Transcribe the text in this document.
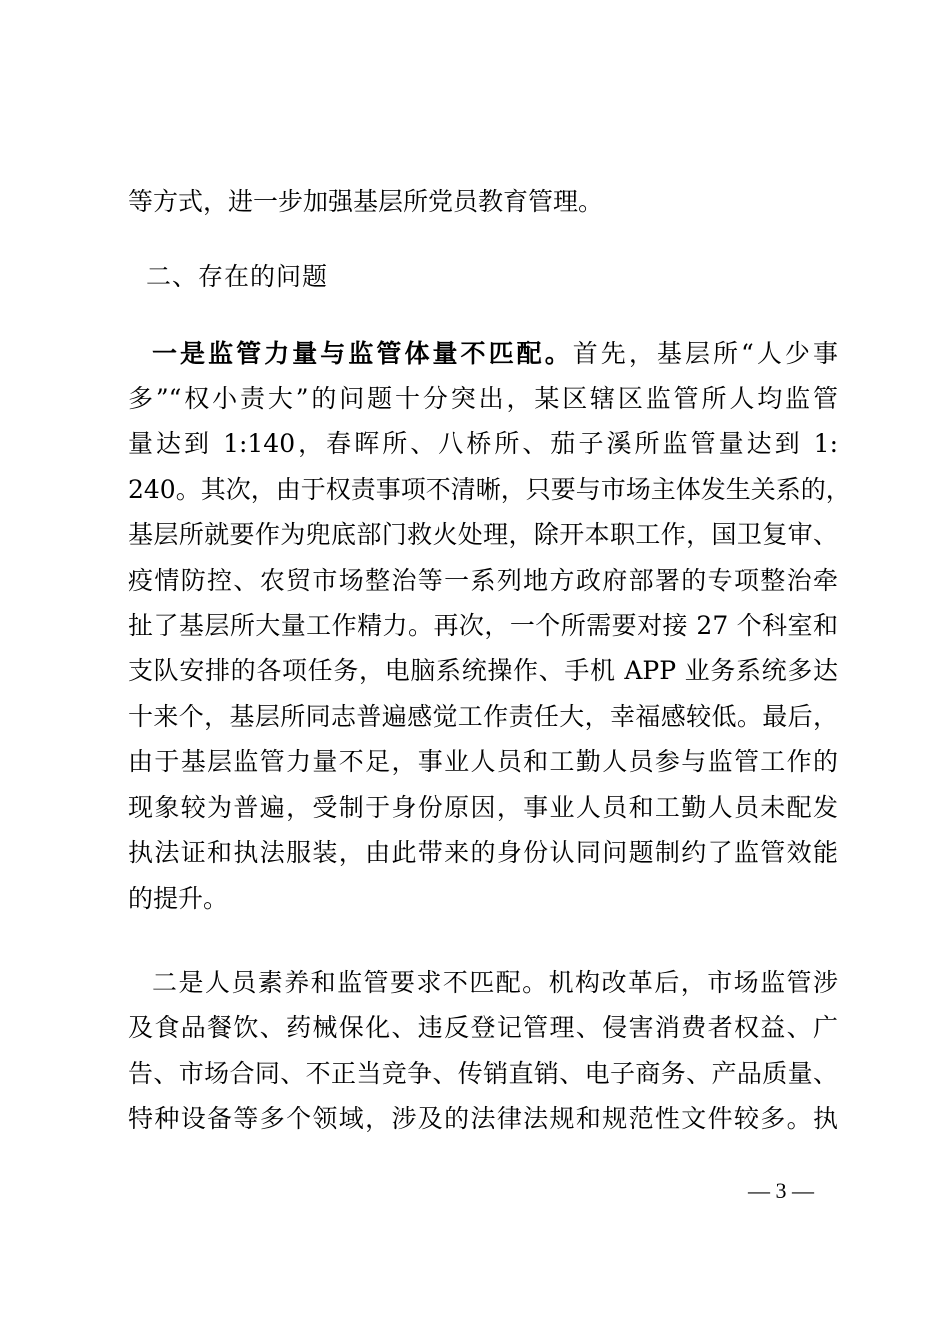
等方式，进一步加强基层所党员教育管理。
二、存在的问题
一是监管力量与监管体量不匹配。首先，基层所“人少事
多”“权小责大”的问题十分突出，某区辖区监管所人均监管
量达到 1:140，春晖所、八桥所、茄子溪所监管量达到 1:
240。其次，由于权责事项不清晰，只要与市场主体发生关系的，
基层所就要作为兜底部门救火处理，除开本职工作，国卫复审、
疫情防控、农贸市场整治等一系列地方政府部署的专项整治牵
扯了基层所大量工作精力。再次，一个所需要对接 27 个科室和
支队安排的各项任务，电脑系统操作、手机 APP 业务系统多达
十来个，基层所同志普遍感觉工作责任大，幸福感较低。最后，
由于基层监管力量不足，事业人员和工勤人员参与监管工作的
现象较为普遍，受制于身份原因，事业人员和工勤人员未配发
执法证和执法服装，由此带来的身份认同问题制约了监管效能
的提升。
二是人员素养和监管要求不匹配。机构改革后，市场监管涉
及食品餐饮、药械保化、违反登记管理、侵害消费者权益、广
告、市场合同、不正当竞争、传销直销、电子商务、产品质量、
特种设备等多个领域，涉及的法律法规和规范性文件较多。执
— 3 —
